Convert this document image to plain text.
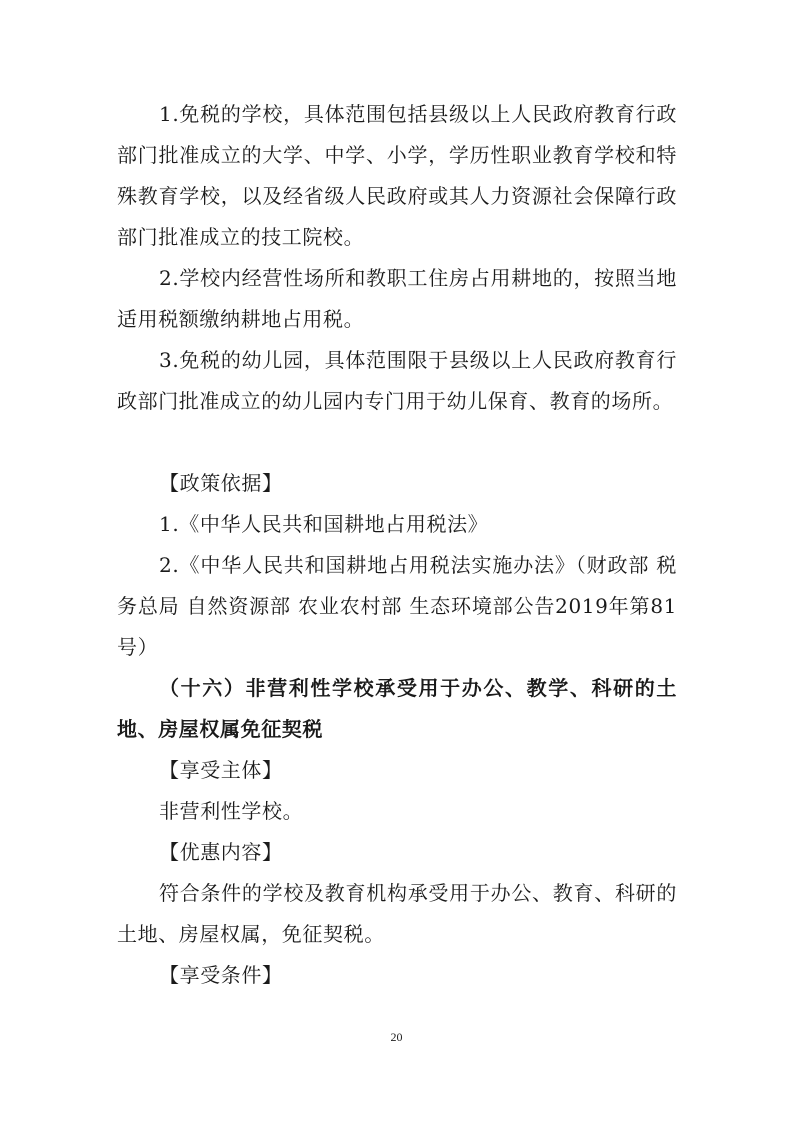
1.免税的学校，具体范围包括县级以上人民政府教育行政部门批准成立的大学、中学、小学，学历性职业教育学校和特殊教育学校，以及经省级人民政府或其人力资源社会保障行政部门批准成立的技工院校。

2.学校内经营性场所和教职工住房占用耕地的，按照当地适用税额缴纳耕地占用税。

3.免税的幼儿园，具体范围限于县级以上人民政府教育行政部门批准成立的幼儿园内专门用于幼儿保育、教育的场所。

【政策依据】

1.《中华人民共和国耕地占用税法》

2.《中华人民共和国耕地占用税法实施办法》（财政部 税务总局 自然资源部 农业农村部 生态环境部公告2019年第81号）

（十六）非营利性学校承受用于办公、教学、科研的土地、房屋权属免征契税

【享受主体】

非营利性学校。

【优惠内容】

符合条件的学校及教育机构承受用于办公、教育、科研的土地、房屋权属，免征契税。

【享受条件】

20
